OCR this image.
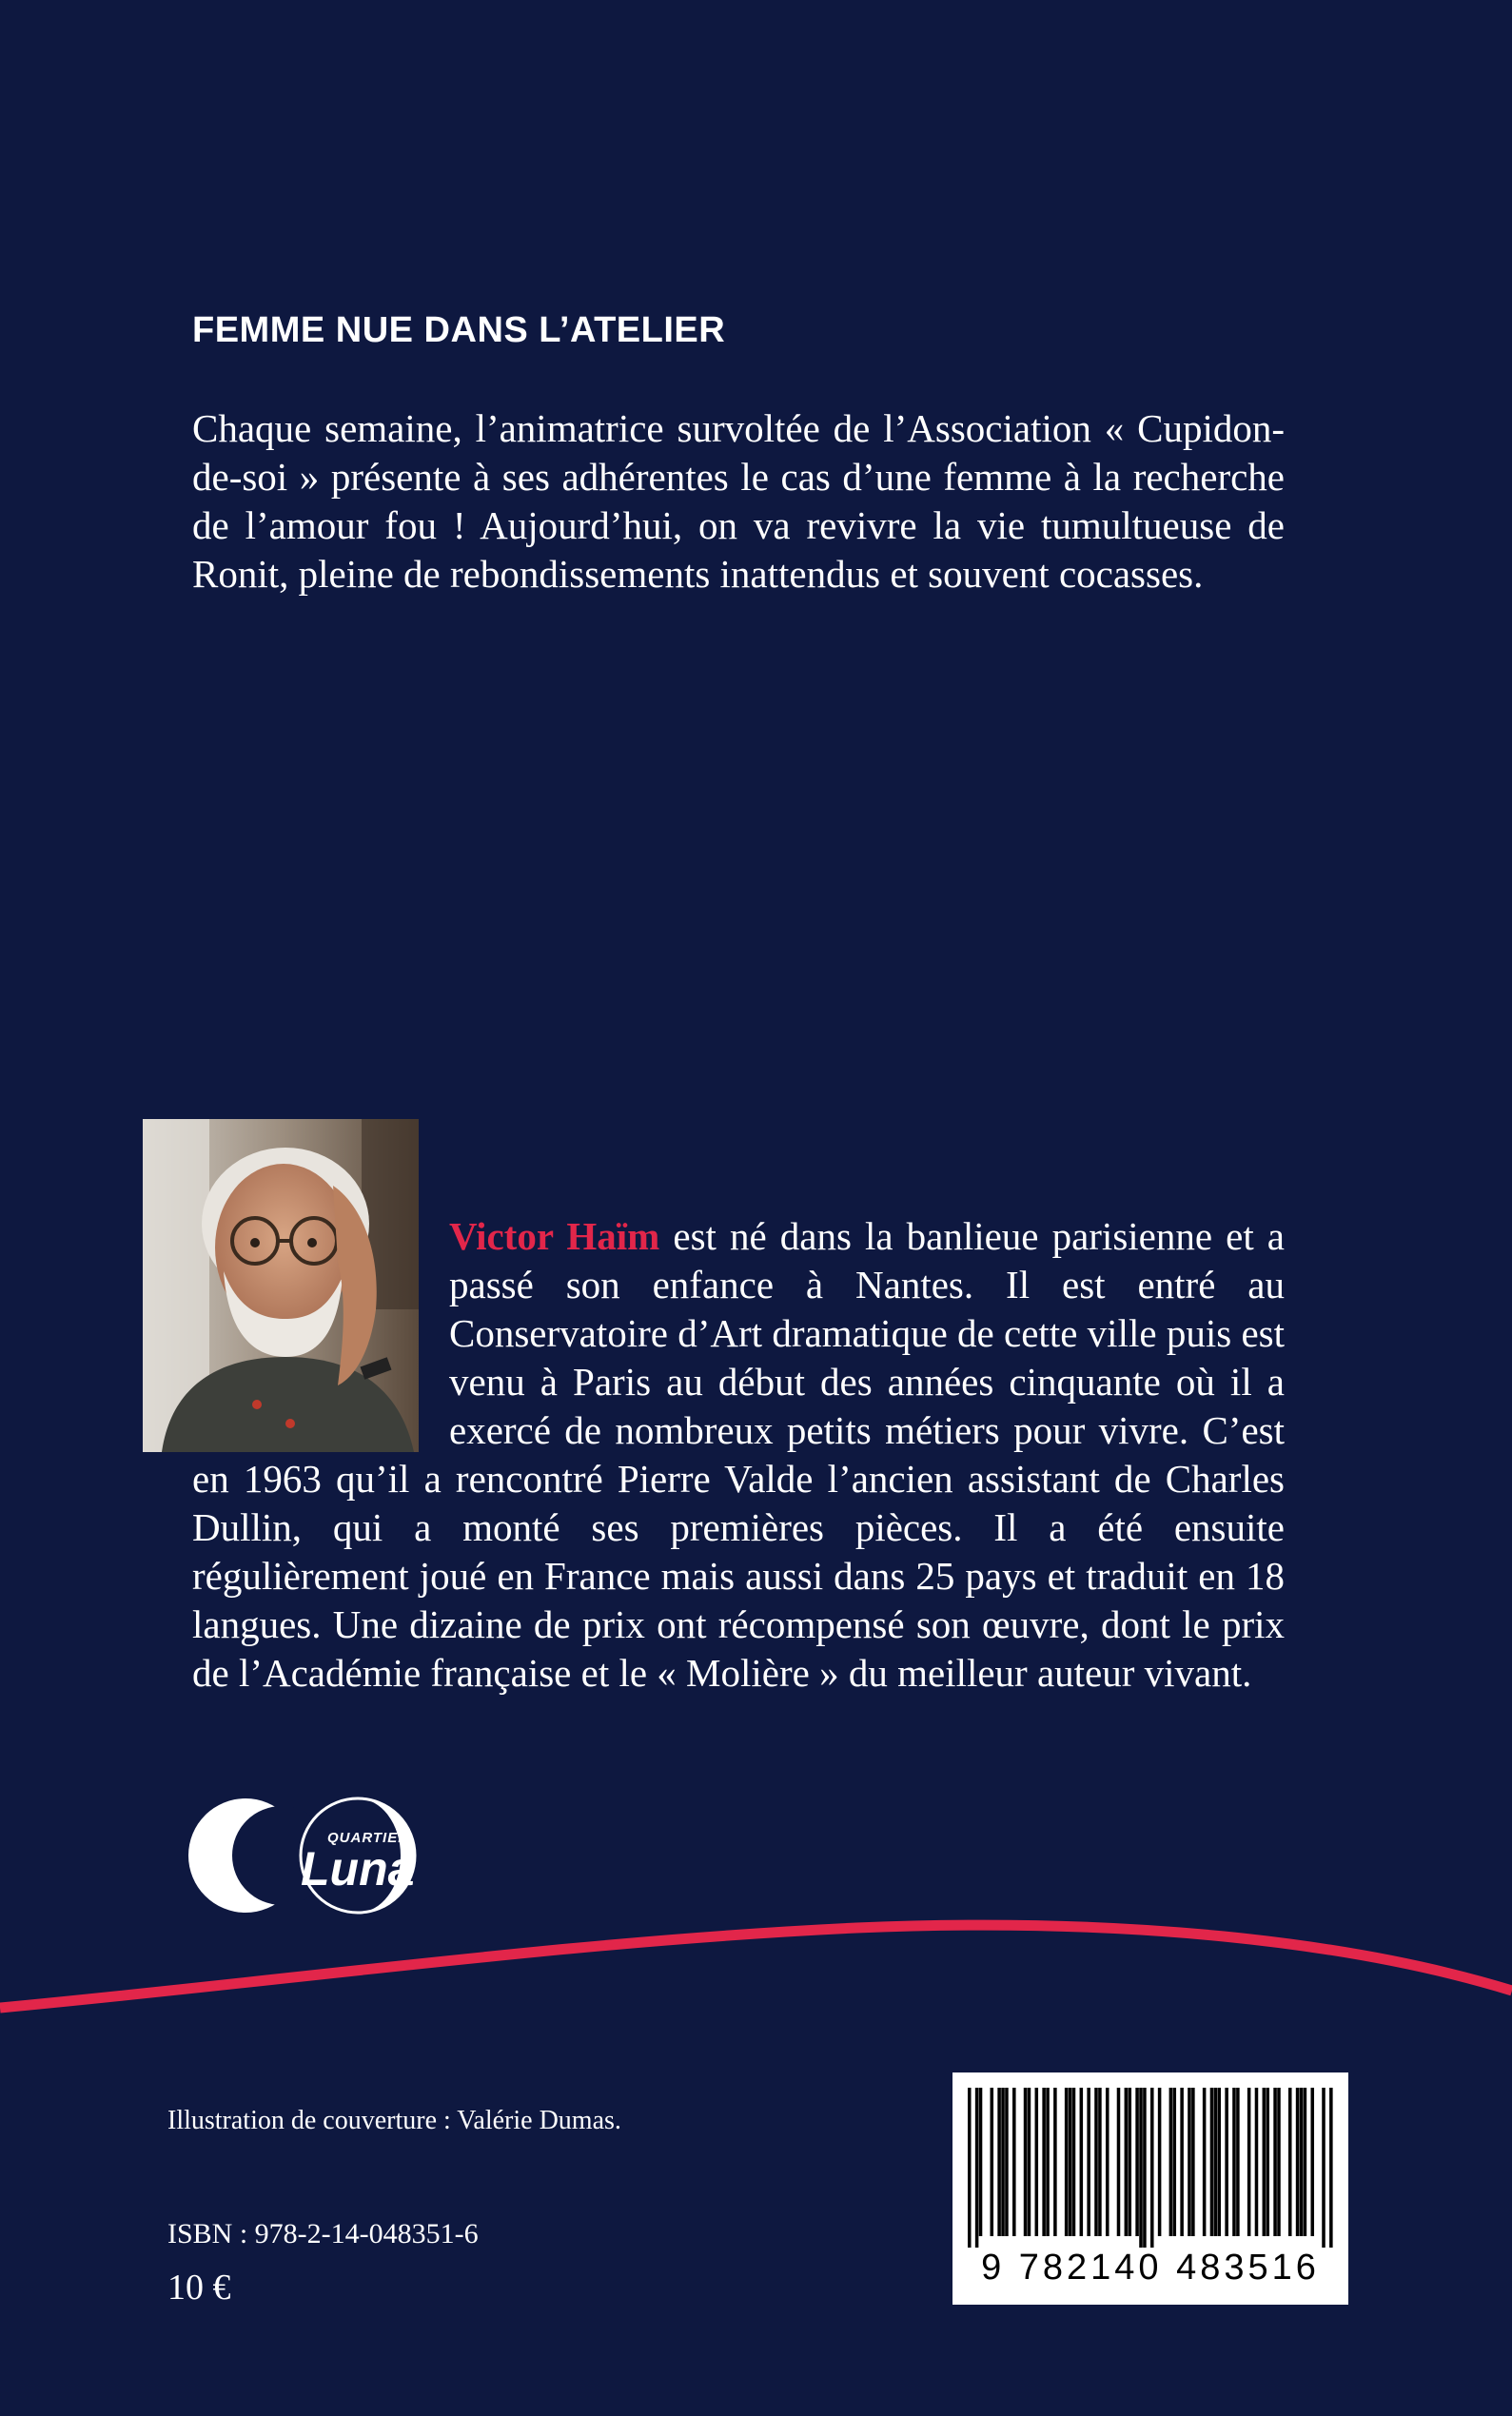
FEMME NUE DANS L’ATELIER
Chaque semaine, l’animatrice survoltée de l’Association « Cupidon-de-soi » présente à ses adhérentes le cas d’une femme à la recherche de l’amour fou ! Aujourd’hui, on va revivre la vie tumultueuse de Ronit, pleine de rebondissements inattendus et souvent cocasses.
Victor Haïm est né dans la banlieue parisienne et a passé son enfance à Nantes. Il est entré au Conservatoire d’Art dramatique de cette ville puis est venu à Paris au début des années cinquante où il a exercé de nombreux petits métiers pour vivre. C’est en 1963 qu’il a rencontré Pierre Valde l’ancien assistant de Charles Dullin, qui a monté ses premières pièces. Il a été ensuite régulièrement joué en France mais aussi dans 25 pays et traduit en 18 langues. Une dizaine de prix ont récompensé son œuvre, dont le prix de l’Académie française et le « Molière » du meilleur auteur vivant.
QUARTIER
Luna
Illustration de couverture : Valérie Dumas.
ISBN : 978-2-14-048351-6
10 €	9 782140 483516
